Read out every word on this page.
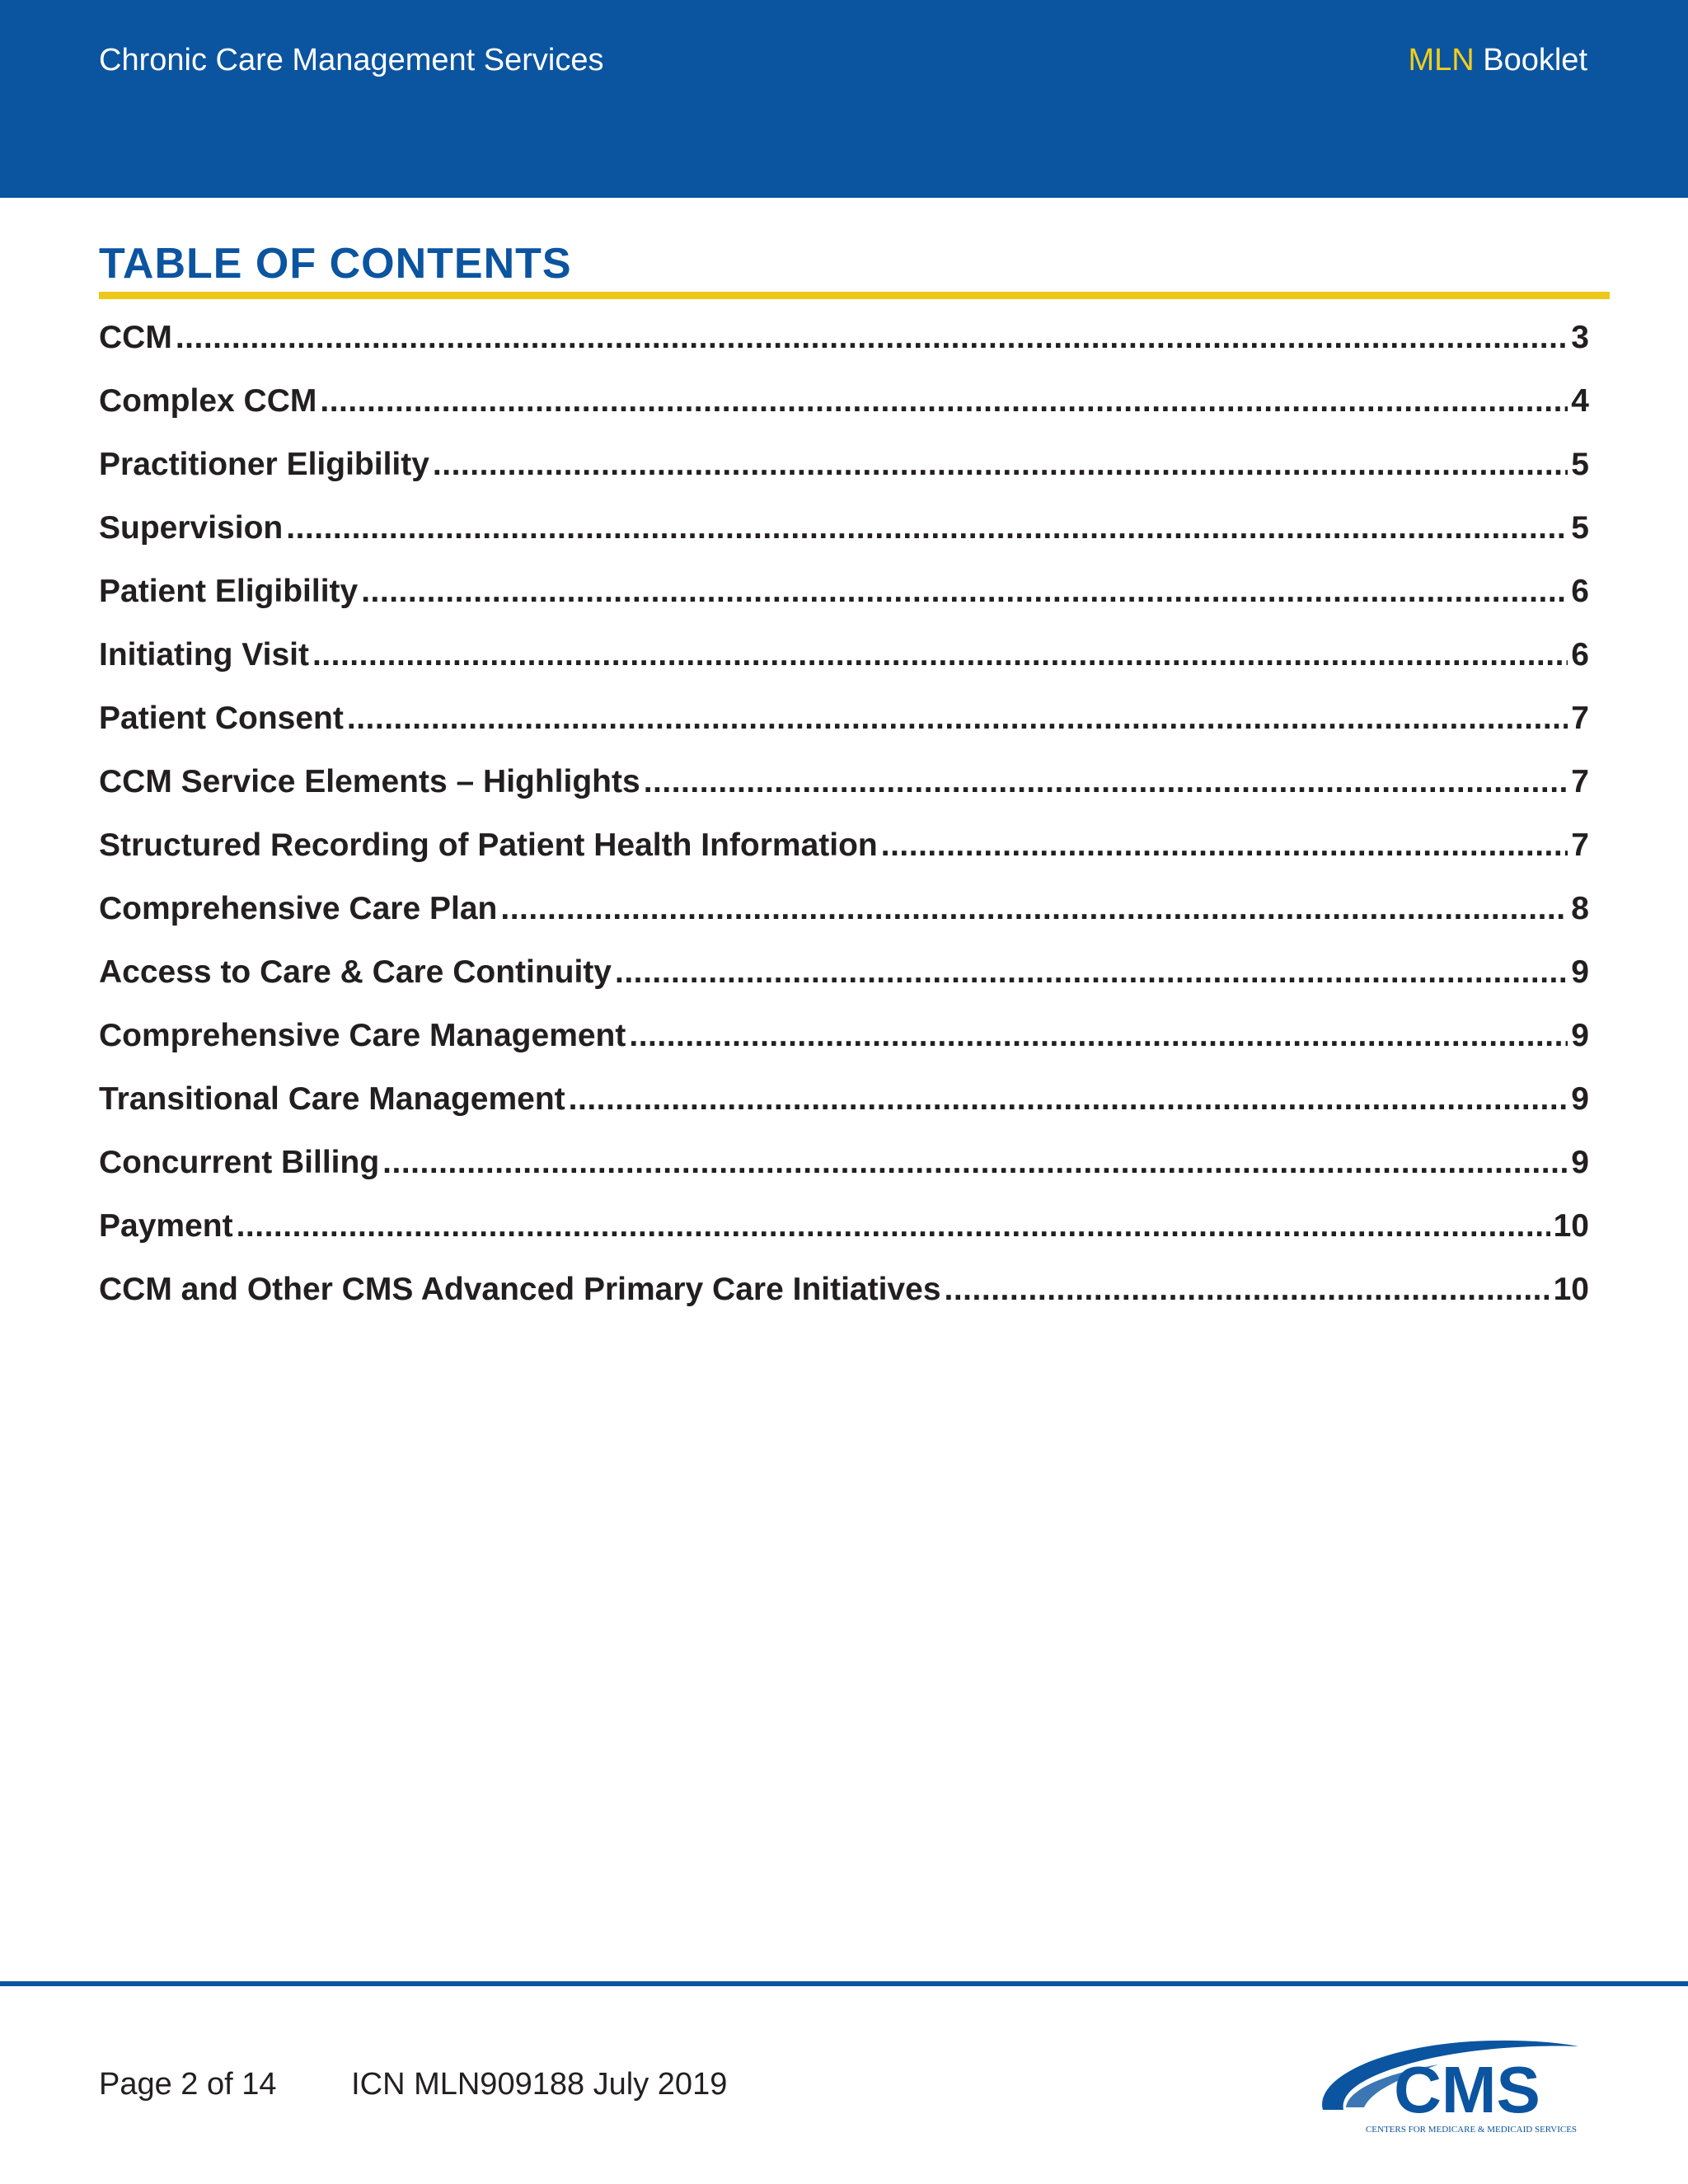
Chronic Care Management Services	MLN Booklet
TABLE OF CONTENTS
CCM .....	3
Complex CCM .....	4
Practitioner Eligibility .....	5
Supervision .....	5
Patient Eligibility .....	6
Initiating Visit .....	6
Patient Consent .....	7
CCM Service Elements – Highlights .....	7
Structured Recording of Patient Health Information .....	7
Comprehensive Care Plan .....	8
Access to Care & Care Continuity .....	9
Comprehensive Care Management .....	9
Transitional Care Management .....	9
Concurrent Billing .....	9
Payment .....	10
CCM and Other CMS Advanced Primary Care Initiatives .....	10
Page 2 of 14 ICN MLN909188 July 2019	CMS
CENTERS FOR MEDICARE & MEDICAID SERVICES
